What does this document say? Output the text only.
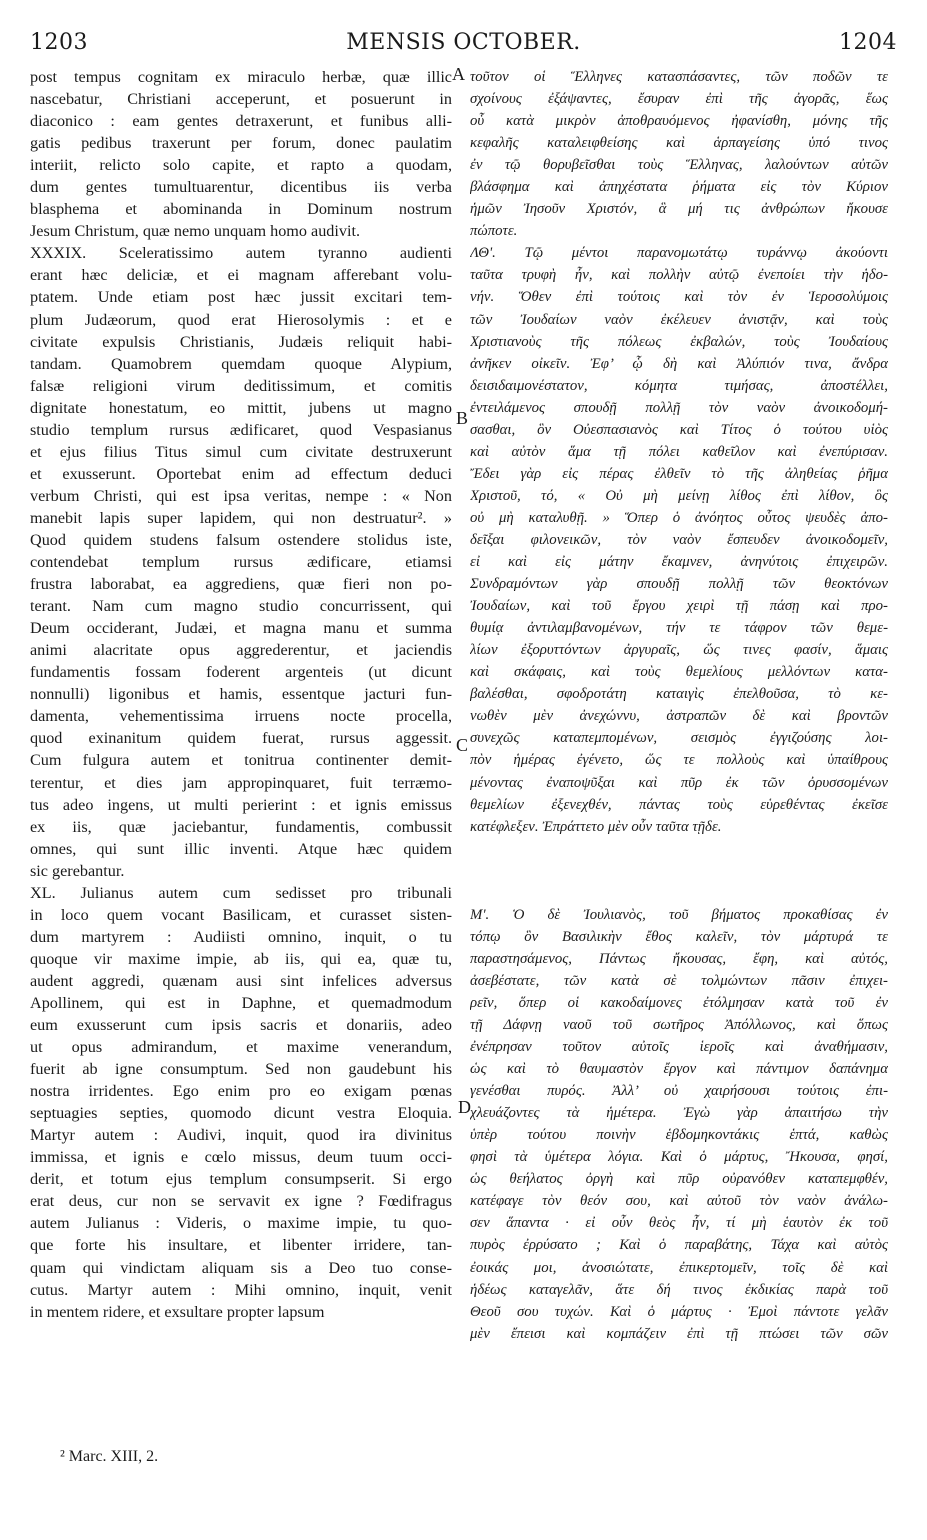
MENSIS OCTOBER.
1203	1204
post tempus cognitam ex miraculo herbæ, quæ illic
nascebatur, Christiani acceperunt, et posuerunt in
diaconico : eam gentes detraxerunt, et funibus alli-
gatis pedibus traxerunt per forum, donec paulatim
interiit, relicto solo capite, et rapto a quodam,
dum gentes tumultuarentur, dicentibus iis verba
blasphema et abominanda in Dominum nostrum
Jesum Christum, quæ nemo unquam homo audivit.
XXXIX. Sceleratissimo autem tyranno audienti
erant hæc deliciæ, et ei magnam afferebant volu-
ptatem. Unde etiam post hæc jussit excitari tem-
plum Judæorum, quod erat Hierosolymis : et e
civitate expulsis Christianis, Judæis reliquit habi-
tandam. Quamobrem quemdam quoque Alypium,
falsæ religioni virum deditissimum, et comitis
dignitate honestatum, eo mittit, jubens ut magno
studio templum rursus ædificaret, quod Vespasianus
et ejus filius Titus simul cum civitate destruxerunt
et exusserunt. Oportebat enim ad effectum deduci
verbum Christi, qui est ipsa veritas, nempe : « Non
manebit lapis super lapidem, qui non destruatur². »
Quod quidem studens falsum ostendere stolidus iste,
contendebat templum rursus ædificare, etiamsi
frustra laborabat, ea aggrediens, quæ fieri non po-
terant. Nam cum magno studio concurrissent, qui
Deum occiderant, Judæi, et magna manu et summa
animi alacritate opus aggrederentur, et jaciendis
fundamentis fossam foderent argenteis (ut dicunt
nonnulli) ligonibus et hamis, essentque jacturi fun-
damenta, vehementissima irruens nocte procella,
quod exinanitum quidem fuerat, rursus aggessit.
Cum fulgura autem et tonitrua continenter demit-
terentur, et dies jam appropinquaret, fuit terræmo-
tus adeo ingens, ut multi perierint : et ignis emissus
ex iis, quæ jaciebantur, fundamentis, combussit
omnes, qui sunt illic inventi. Atque hæc quidem
sic gerebantur.
XL. Julianus autem cum sedisset pro tribunali
in loco quem vocant Basilicam, et curasset sisten-
dum martyrem : Audiisti omnino, inquit, o tu
quoque vir maxime impie, ab iis, qui ea, quæ tu,
audent aggredi, quænam ausi sint infelices adversus
Apollinem, qui est in Daphne, et quemadmodum
eum exusserunt cum ipsis sacris et donariis, adeo
ut opus admirandum, et maxime venerandum,
fuerit ab igne consumptum. Sed non gaudebunt his
nostra irridentes. Ego enim pro eo exigam pœnas
septuagies septies, quomodo dicunt vestra Eloquia.
Martyr autem : Audivi, inquit, quod ira divinitus
immissa, et ignis e cœlo missus, deum tuum occi-
derit, et totum ejus templum consumpserit. Si ergo
erat deus, cur non se servavit ex igne ? Fœdifragus
autem Julianus : Videris, o maxime impie, tu quo-
que forte his insultare, et libenter irridere, tan-
quam qui vindictam aliquam sis a Deo tuo conse-
cutus. Martyr autem : Mihi omnino, inquit, venit
in mentem ridere, et exsultare propter lapsum
τοῦτον οἱ Ἕλληνες κατασπάσαντες, τῶν ποδῶν τε
σχοίνους ἐξάψαντες, ἔσυραν ἐπὶ τῆς ἀγορᾶς, ἕως
οὗ κατὰ μικρὸν ἀποθραυόμενος ἠφανίσθη, μόνης τῆς
κεφαλῆς καταλειφθείσης καὶ ἁρπαγείσης ὑπό τινος
ἐν τῷ θορυβεῖσθαι τοὺς Ἕλληνας, λαλούντων αὐτῶν
βλάσφημα καὶ ἀπηχέστατα ῥήματα εἰς τὸν Κύριον
ἡμῶν Ἰησοῦν Χριστόν, ἃ μή τις ἀνθρώπων ἤκουσε
πώποτε.
ΛΘʹ. Τῷ μέντοι παρανομωτάτῳ τυράννῳ ἀκούοντι
ταῦτα τρυφὴ ἦν, καὶ πολλὴν αὐτῷ ἐνεποίει τὴν ἡδο-
νήν. Ὅθεν ἐπὶ τούτοις καὶ τὸν ἐν Ἱεροσολύμοις
τῶν Ἰουδαίων ναὸν ἐκέλευεν ἀνιστᾷν, καὶ τοὺς
Χριστιανοὺς τῆς πόλεως ἐκβαλών, τοὺς Ἰουδαίους
ἀνῆκεν οἰκεῖν. Ἐφ’ ᾧ δὴ καὶ Ἀλύπιόν τινα, ἄνδρα
δεισιδαιμονέστατον, κόμητα τιμήσας, ἀποστέλλει,
ἐντειλάμενος σπουδῇ πολλῇ τὸν ναὸν ἀνοικοδομή-
σασθαι, ὃν Οὐεσπασιανὸς καὶ Τίτος ὁ τούτου υἱὸς
καὶ αὐτὸν ἅμα τῇ πόλει καθεῖλον καὶ ἐνεπύρισαν.
Ἔδει γὰρ εἰς πέρας ἐλθεῖν τὸ τῆς ἀληθείας ῥῆμα
Χριστοῦ, τό, « Οὐ μὴ μείνῃ λίθος ἐπὶ λίθον, ὃς
οὐ μὴ καταλυθῇ. » Ὅπερ ὁ ἀνόητος οὗτος ψευδὲς ἀπο-
δεῖξαι φιλονεικῶν, τὸν ναὸν ἔσπευδεν ἀνοικοδομεῖν,
εἰ καὶ εἰς μάτην ἔκαμνεν, ἀνηνύτοις ἐπιχειρῶν.
Συνδραμόντων γὰρ σπουδῇ πολλῇ τῶν θεοκτόνων
Ἰουδαίων, καὶ τοῦ ἔργου χειρὶ τῇ πάσῃ καὶ προ-
θυμίᾳ ἀντιλαμβανομένων, τήν τε τάφρον τῶν θεμε-
λίων ἐξορυττόντων ἀργυραῖς, ὥς τινες φασίν, ἅμαις
καὶ σκάφαις, καὶ τοὺς θεμελίους μελλόντων κατα-
βαλέσθαι, σφοδροτάτη καταιγὶς ἐπελθοῦσα, τὸ κε-
νωθὲν μὲν ἀνεχώννυ, ἀστραπῶν δὲ καὶ βροντῶν
συνεχῶς καταπεμπομένων, σεισμὸς ἐγγιζούσης λοι-
πὸν ἡμέρας ἐγένετο, ὥς τε πολλοὺς καὶ ὑπαίθρους
μένοντας ἐναποψῦξαι καὶ πῦρ ἐκ τῶν ὀρυσσομένων
θεμελίων ἐξενεχθέν, πάντας τοὺς εὑρεθέντας ἐκεῖσε
κατέφλεξεν. Ἐπράττετο μὲν οὖν ταῦτα τῇδε.

Μʹ. Ὁ δὲ Ἰουλιανὸς, τοῦ βήματος προκαθίσας ἐν
τόπῳ ὃν Βασιλικὴν ἔθος καλεῖν, τὸν μάρτυρά τε
παραστησάμενος, Πάντως ἤκουσας, ἔφη, καὶ αὐτός,
ἀσεβέστατε, τῶν κατὰ σὲ τολμώντων πᾶσιν ἐπιχει-
ρεῖν, ὅπερ οἱ κακοδαίμονες ἐτόλμησαν κατὰ τοῦ ἐν
τῇ Δάφνῃ ναοῦ τοῦ σωτῆρος Ἀπόλλωνος, καὶ ὅπως
ἐνέπρησαν τοῦτον αὐτοῖς ἱεροῖς καὶ ἀναθήμασιν,
ὡς καὶ τὸ θαυμαστὸν ἔργον καὶ πάντιμον δαπάνημα
γενέσθαι πυρός. Ἀλλ’ οὐ χαιρήσουσι τούτοις ἐπι-
χλευάζοντες τὰ ἡμέτερα. Ἐγὼ γὰρ ἀπαιτήσω τὴν
ὑπὲρ τούτου ποινὴν ἑβδομηκοντάκις ἑπτά, καθὼς
φησὶ τὰ ὑμέτερα λόγια. Καὶ ὁ μάρτυς, Ἤκουσα, φησί,
ὡς θεήλατος ὀργὴ καὶ πῦρ οὐρανόθεν καταπεμφθέν,
κατέφαγε τὸν θεόν σου, καὶ αὐτοῦ τὸν ναὸν ἀνάλω-
σεν ἅπαντα · εἰ οὖν θεὸς ἦν, τί μὴ ἑαυτὸν ἐκ τοῦ
πυρὸς ἐρρύσατο ; Καὶ ὁ παραβάτης, Τάχα καὶ αὐτὸς
ἐοικάς μοι, ἀνοσιώτατε, ἐπικερτομεῖν, τοῖς δὲ καὶ
ἡδέως καταγελᾶν, ἅτε δή τινος ἐκδικίας παρὰ τοῦ
Θεοῦ σου τυχών. Καὶ ὁ μάρτυς · Ἐμοὶ πάντοτε γελᾶν
μὲν ἔπεισι καὶ κομπάζειν ἐπὶ τῇ πτώσει τῶν σῶν
A
B
C
D
² Marc. XIII, 2.
